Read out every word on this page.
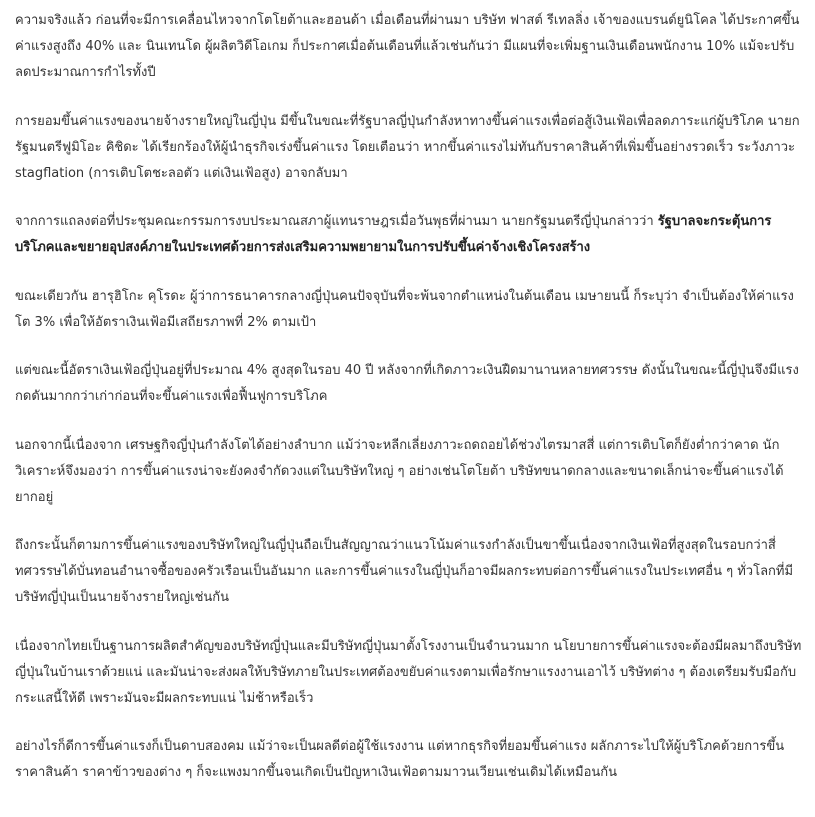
ความจริงแล้ว ก่อนที่จะมีการเคลื่อนไหวจากโตโยต้าและฮอนด้า เมื่อเดือนที่ผ่านมา บริษัท ฟาสต์ รีเทลลิ่ง เจ้าของแบรนด์ยูนิโคล ได้ประกาศขึ้นค่าแรงสูงถึง 40% และ นินเทนโด ผู้ผลิตวิดีโอเกม ก็ประกาศเมื่อต้นเดือนที่แล้วเช่นกันว่า มีแผนที่จะเพิ่มฐานเงินเดือนพนักงาน 10% แม้จะปรับลดประมาณการกำไรทั้งปี

การยอมขึ้นค่าแรงของนายจ้างรายใหญ่ในญี่ปุ่น มีขึ้นในขณะที่รัฐบาลญี่ปุ่นกำลังหาทางขึ้นค่าแรงเพื่อต่อสู้เงินเฟ้อเพื่อลดภาระแก่ผู้บริโภค นายกรัฐมนตรีฟูมิโอะ คิชิดะ ได้เรียกร้องให้ผู้นำธุรกิจเร่งขึ้นค่าแรง โดยเตือนว่า หากขึ้นค่าแรงไม่ทันกับราคาสินค้าที่เพิ่มขึ้นอย่างรวดเร็ว ระวังภาวะ stagflation (การเติบโตชะลอตัว แต่เงินเฟ้อสูง) อาจกลับมา

จากการแถลงต่อที่ประชุมคณะกรรมการงบประมาณสภาผู้แทนราษฎรเมื่อวันพุธที่ผ่านมา นายกรัฐมนตรีญี่ปุ่นกล่าวว่า รัฐบาลจะกระตุ้นการบริโภคและขยายอุปสงค์ภายในประเทศด้วยการส่งเสริมความพยายามในการปรับขึ้นค่าจ้างเชิงโครงสร้าง

ขณะเดียวกัน ฮารุฮิโกะ คุโรดะ ผู้ว่าการธนาคารกลางญี่ปุ่นคนปัจจุบันที่จะพ้นจากตำแหน่งในต้นเดือน เมษายนนี้ ก็ระบุว่า จำเป็นต้องให้ค่าแรงโต 3% เพื่อให้อัตราเงินเฟ้อมีเสถียรภาพที่ 2% ตามเป้า

แต่ขณะนี้อัตราเงินเฟ้อญี่ปุ่นอยู่ที่ประมาณ 4% สูงสุดในรอบ 40 ปี หลังจากที่เกิดภาวะเงินฝืดมานานหลายทศวรรษ ดังนั้นในขณะนี้ญี่ปุ่นจึงมีแรงกดดันมากกว่าเก่าก่อนที่จะขึ้นค่าแรงเพื่อฟื้นฟูการบริโภค

นอกจากนี้เนื่องจาก เศรษฐกิจญี่ปุ่นกำลังโตได้อย่างลำบาก แม้ว่าจะหลีกเลี่ยงภาวะถดถอยได้ช่วงไตรมาสสี่ แต่การเติบโตก็ยังต่ำกว่าคาด นักวิเคราะห์จึงมองว่า การขึ้นค่าแรงน่าจะยังคงจำกัดวงแต่ในบริษัทใหญ่ ๆ อย่างเช่นโตโยต้า บริษัทขนาดกลางและขนาดเล็กน่าจะขึ้นค่าแรงได้ยากอยู่

ถึงกระนั้นก็ตามการขึ้นค่าแรงของบริษัทใหญ่ในญี่ปุ่นถือเป็นสัญญาณว่าแนวโน้มค่าแรงกำลังเป็นขาขึ้นเนื่องจากเงินเฟ้อที่สูงสุดในรอบกว่าสี่ทศวรรษได้บั่นทอนอำนาจซื้อของครัวเรือนเป็นอันมาก และการขึ้นค่าแรงในญี่ปุ่นก็อาจมีผลกระทบต่อการขึ้นค่าแรงในประเทศอื่น ๆ ทั่วโลกที่มีบริษัทญี่ปุ่นเป็นนายจ้างรายใหญ่เช่นกัน

เนื่องจากไทยเป็นฐานการผลิตสำคัญของบริษัทญี่ปุ่นและมีบริษัทญี่ปุ่นมาตั้งโรงงานเป็นจำนวนมาก นโยบายการขึ้นค่าแรงจะต้องมีผลมาถึงบริษัทญี่ปุ่นในบ้านเราด้วยแน่ และมันน่าจะส่งผลให้บริษัทภายในประเทศต้องขยับค่าแรงตามเพื่อรักษาแรงงานเอาไว้ บริษัทต่าง ๆ ต้องเตรียมรับมือกับกระแสนี้ให้ดี เพราะมันจะมีผลกระทบแน่ ไม่ช้าหรือเร็ว

อย่างไรก็ดีการขึ้นค่าแรงก็เป็นดาบสองคม แม้ว่าจะเป็นผลดีต่อผู้ใช้แรงงาน แต่หากธุรกิจที่ยอมขึ้นค่าแรง ผลักภาระไปให้ผู้บริโภคด้วยการขึ้นราคาสินค้า ราคาข้าวของต่าง ๆ ก็จะแพงมากขึ้นจนเกิดเป็นปัญหาเงินเฟ้อตามมาวนเวียนเช่นเดิมได้เหมือนกัน
